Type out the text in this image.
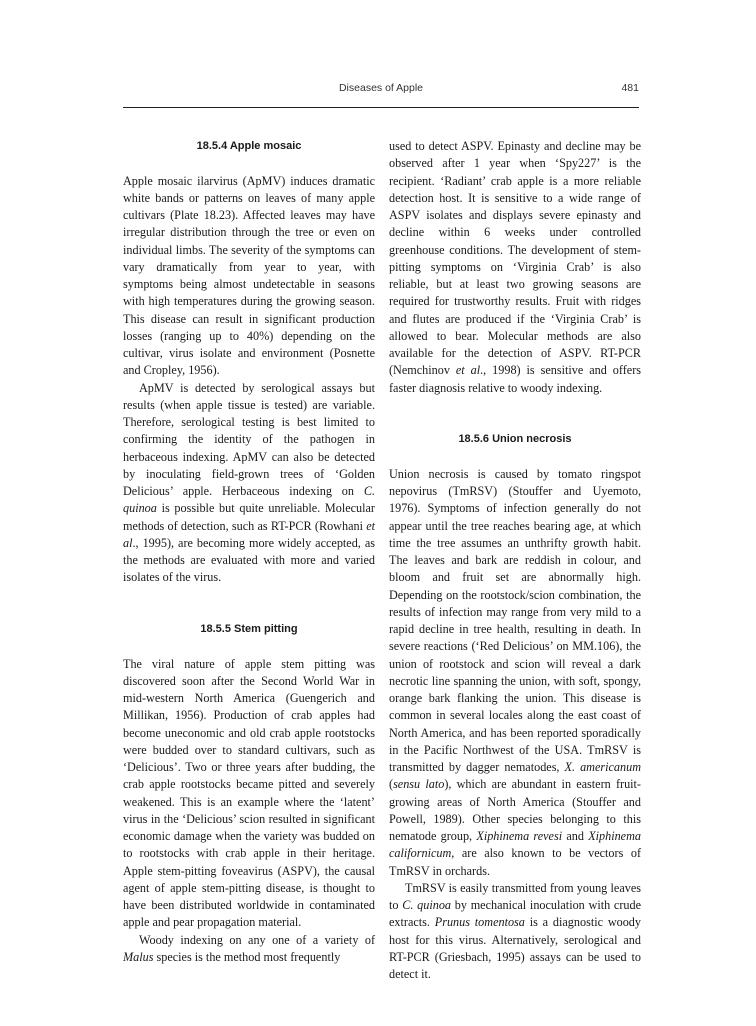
Diseases of Apple	481
18.5.4 Apple mosaic

Apple mosaic ilarvirus (ApMV) induces dramatic white bands or patterns on leaves of many apple cultivars (Plate 18.23). Affected leaves may have irregular distribution through the tree or even on individual limbs. The severity of the symptoms can vary dramatically from year to year, with symptoms being almost undetectable in seasons with high temperatures during the growing season. This disease can result in significant production losses (ranging up to 40%) depending on the cultivar, virus isolate and environment (Posnette and Cropley, 1956).

ApMV is detected by serological assays but results (when apple tissue is tested) are variable. Therefore, serological testing is best limited to confirming the identity of the pathogen in herbaceous indexing. ApMV can also be detected by inoculating field-grown trees of ‘Golden Delicious’ apple. Herbaceous indexing on C. quinoa is possible but quite unreliable. Molecular methods of detection, such as RT-PCR (Rowhani et al., 1995), are becoming more widely accepted, as the methods are evaluated with more and varied isolates of the virus.

18.5.5 Stem pitting

The viral nature of apple stem pitting was discovered soon after the Second World War in mid-western North America (Guengerich and Millikan, 1956). Production of crab apples had become uneconomic and old crab apple rootstocks were budded over to standard cultivars, such as ‘Delicious’. Two or three years after budding, the crab apple rootstocks became pitted and severely weakened. This is an example where the ‘latent’ virus in the ‘Delicious’ scion resulted in significant economic damage when the variety was budded on to rootstocks with crab apple in their heritage. Apple stem-pitting foveavirus (ASPV), the causal agent of apple stem-pitting disease, is thought to have been distributed worldwide in contaminated apple and pear propagation material.

Woody indexing on any one of a variety of Malus species is the method most frequently

used to detect ASPV. Epinasty and decline may be observed after 1 year when ‘Spy227’ is the recipient. ‘Radiant’ crab apple is a more reliable detection host. It is sensitive to a wide range of ASPV isolates and displays severe epinasty and decline within 6 weeks under controlled greenhouse conditions. The development of stem-pitting symptoms on ‘Virginia Crab’ is also reliable, but at least two growing seasons are required for trustworthy results. Fruit with ridges and flutes are produced if the ‘Virginia Crab’ is allowed to bear. Molecular methods are also available for the detection of ASPV. RT-PCR (Nemchinov et al., 1998) is sensitive and offers faster diagnosis relative to woody indexing.

18.5.6 Union necrosis

Union necrosis is caused by tomato ringspot nepovirus (TmRSV) (Stouffer and Uyemoto, 1976). Symptoms of infection generally do not appear until the tree reaches bearing age, at which time the tree assumes an unthrifty growth habit. The leaves and bark are reddish in colour, and bloom and fruit set are abnormally high. Depending on the rootstock/scion combination, the results of infection may range from very mild to a rapid decline in tree health, resulting in death. In severe reactions (‘Red Delicious’ on MM.106), the union of rootstock and scion will reveal a dark necrotic line spanning the union, with soft, spongy, orange bark flanking the union. This disease is common in several locales along the east coast of North America, and has been reported sporadically in the Pacific Northwest of the USA. TmRSV is transmitted by dagger nematodes, X. americanum (sensu lato), which are abundant in eastern fruit-growing areas of North America (Stouffer and Powell, 1989). Other species belonging to this nematode group, Xiphinema revesi and Xiphinema californicum, are also known to be vectors of TmRSV in orchards.

TmRSV is easily transmitted from young leaves to C. quinoa by mechanical inoculation with crude extracts. Prunus tomentosa is a diagnostic woody host for this virus. Alternatively, serological and RT-PCR (Griesbach, 1995) assays can be used to detect it.
